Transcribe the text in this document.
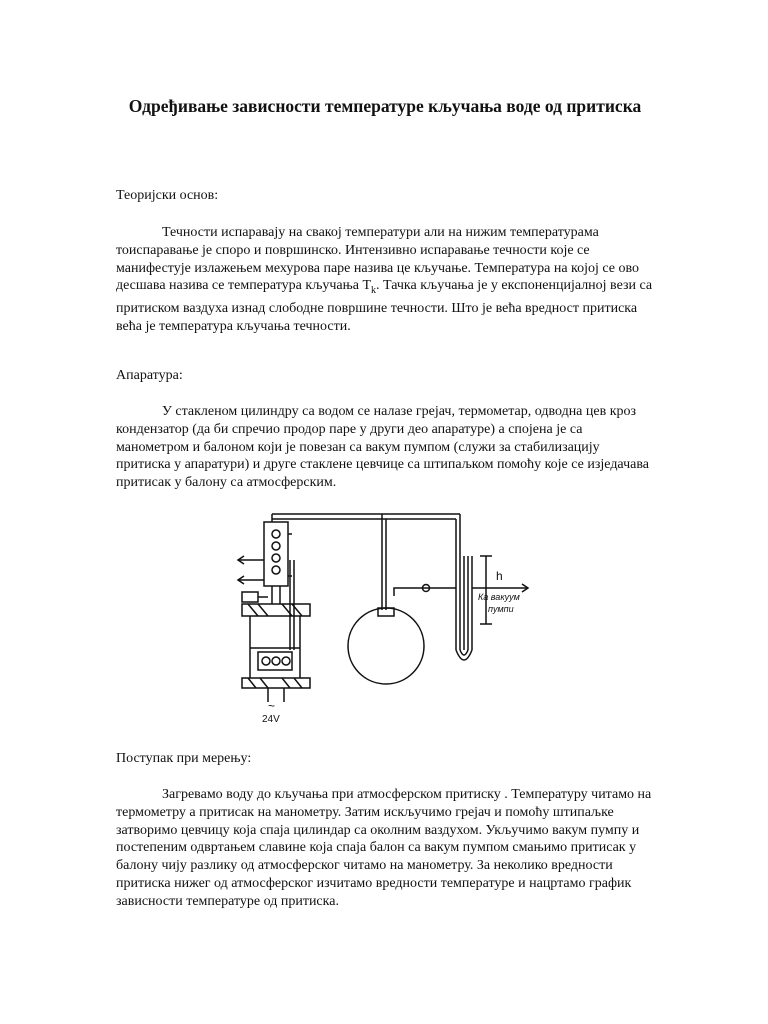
Одређивање зависности температуре кључања воде од притиска

Теоријски основ:

Течности испаравају на свакој температури али на нижим температурама тоиспаравање је споро и површинско. Интензивно испаравање течности које се манифестује излажењем мехурова паре назива це кључање. Температура на којој се ово десшава назива се температура кључања $T_k$. Тачка кључања је у експоненцијалној вези са притиском ваздуха изнад слободне површине течности. Што је већа вредност притиска већа је температура кључања течности.

Апаратура:

У стакленом цилиндру са водом се налазе грејач, термометар, одводна цев кроз кондензатор (да би спречио продор паре у други део апаратуре) а спојена је са манометром и балоном који је повезан са вакум пумпом (служи за стабилизацију притиска у апаратури) и друге стаклене цевчице са штипаљком помоћу које се изједачава притисак у балону са атмосферским.

h
Ка вакуум
пумпи
~
24V

Поступак при мерењу:

Загревамо воду до кључања при атмосферском притиску . Температуру читамо на термометру а притисак на манометру. Затим искључимо грејач и помоћу штипаљке затворимо цевчицу која спаја цилиндар са околним ваздухом. Укључимо вакум пумпу и постепеним одвртањем славине која спаја балон са вакум пумпом смањимо притисак у балону чију разлику од атмосферског читамо на манометру. За неколико вредности притиска нижег од атмосферског изчитамо вредности температуре и нацртамо график зависности температуре од притиска.
